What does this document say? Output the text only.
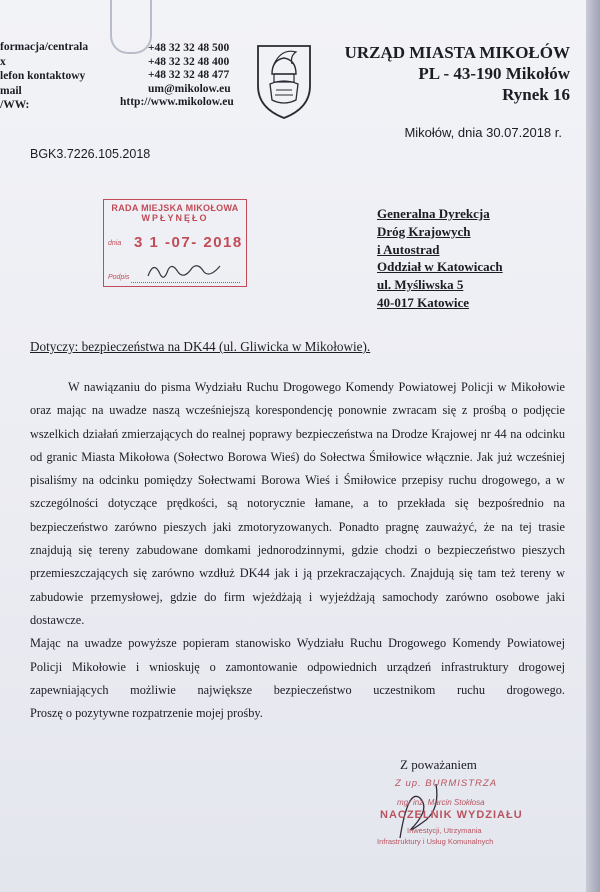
formacja/centrala
x
lefon kontaktowy
mail
/WW:
+48 32 32 48 500
+48 32 32 48 400
+48 32 32 48 477
um@mikolow.eu
http://www.mikolow.eu
URZĄD MIASTA MIKOŁÓW
PL - 43-190 Mikołów
Rynek 16
Mikołów, dnia 30.07.2018 r.
BGK3.7226.105.2018
RADA MIEJSKA MIKOŁOWA
WPŁYNĘŁO
dnia 3 1 -07- 2018
Podpis
Generalna Dyrekcja
Dróg Krajowych
i Autostrad
Oddział w Katowicach
ul. Myśliwska 5
40-017 Katowice
Dotyczy: bezpieczeństwa na DK44 (ul. Gliwicka w Mikołowie).

W nawiązaniu do pisma Wydziału Ruchu Drogowego Komendy Powiatowej Policji w Mikołowie oraz mając na uwadze naszą wcześniejszą korespondencję ponownie zwracam się z prośbą o podjęcie wszelkich działań zmierzających do realnej poprawy bezpieczeństwa na Drodze Krajowej nr 44 na odcinku od granic Miasta Mikołowa (Sołectwo Borowa Wieś) do Sołectwa Śmiłowice włącznie. Jak już wcześniej pisaliśmy na odcinku pomiędzy Sołectwami Borowa Wieś i Śmiłowice przepisy ruchu drogowego, a w szczególności dotyczące prędkości, są notorycznie łamane, a to przekłada się bezpośrednio na bezpieczeństwo zarówno pieszych jaki zmotoryzowanych. Ponadto pragnę zauważyć, że na tej trasie znajdują się tereny zabudowane domkami jednorodzinnymi, gdzie chodzi o bezpieczeństwo pieszych przemieszczających się zarówno wzdłuż DK44 jak i ją przekraczających. Znajdują się tam też tereny w zabudowie przemysłowej, gdzie do firm wjeżdżają i wyjeżdżają samochody zarówno osobowe jaki dostawcze.

Mając na uwadze powyższe popieram stanowisko Wydziału Ruchu Drogowego Komendy Powiatowej Policji Mikołowie i wnioskuję o zamontowanie odpowiednich urządzeń infrastruktury drogowej zapewniających możliwie największe bezpieczeństwo uczestnikom ruchu drogowego.

Proszę o pozytywne rozpatrzenie mojej prośby.

Z poważaniem
Z up. BURMISTRZA
mgr inż. Marcin Stokłosa
NACZELNIK WYDZIAŁU
Inwestycji, Utrzymania
Infrastruktury i Usług Komunalnych
